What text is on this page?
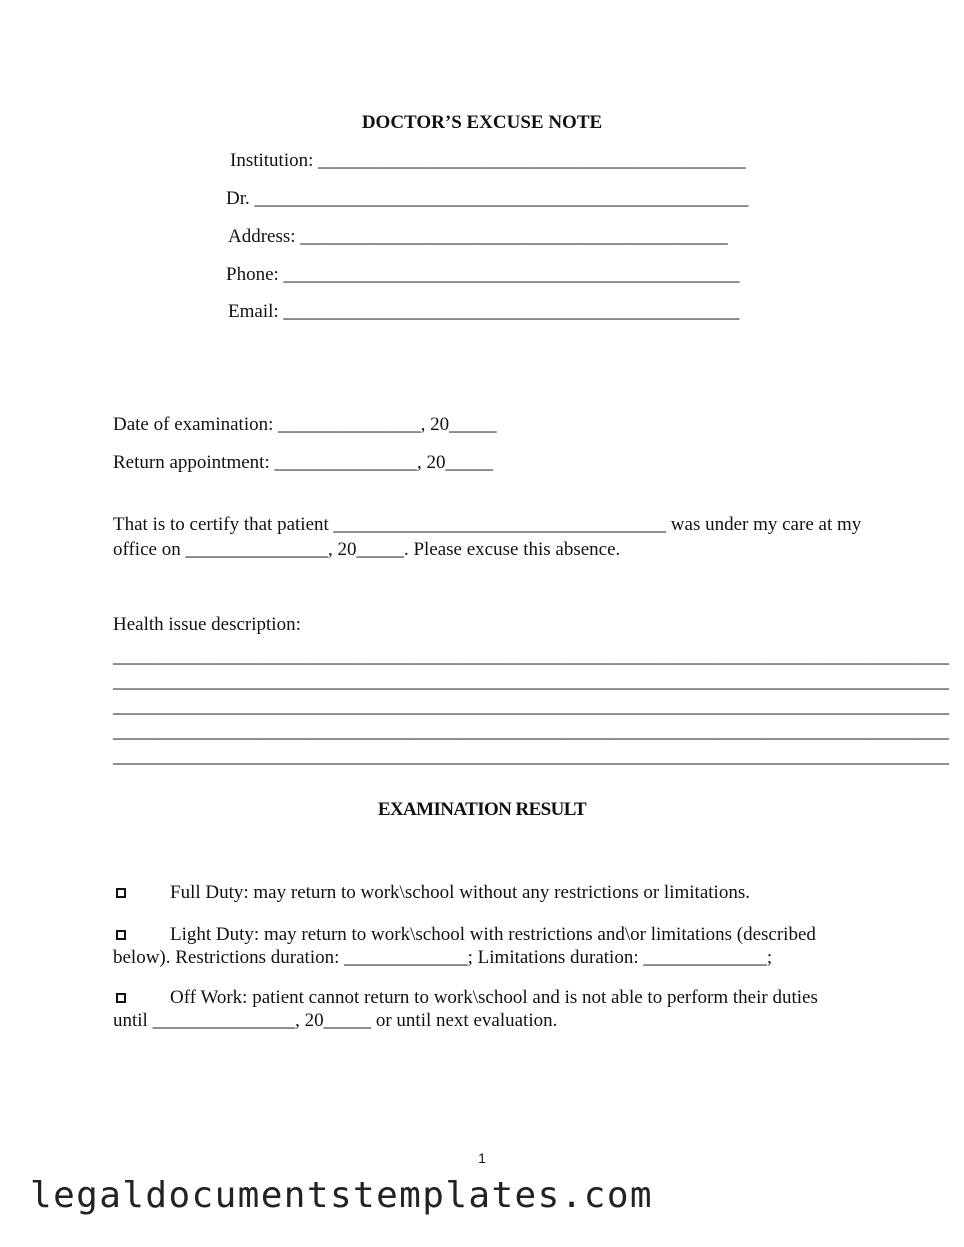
DOCTOR’S EXCUSE NOTE
Institution: _____________________________________________
Dr. ____________________________________________________
Address: _____________________________________________
Phone: ________________________________________________
Email: ________________________________________________
Date of examination: _______________, 20_____
Return appointment: _______________, 20_____
That is to certify that patient ___________________________________ was under my care at my
office on _______________, 20_____. Please excuse this absence.
Health issue description:
________________________________________________________________________________________
________________________________________________________________________________________
________________________________________________________________________________________
________________________________________________________________________________________
________________________________________________________________________________________
EXAMINATION RESULT
Full Duty: may return to work\school without any restrictions or limitations.
Light Duty: may return to work\school with restrictions and\or limitations (described
below). Restrictions duration: _____________; Limitations duration: _____________;
Off Work: patient cannot return to work\school and is not able to perform their duties
until _______________, 20_____ or until next evaluation.
1
legaldocumentstemplates.com
